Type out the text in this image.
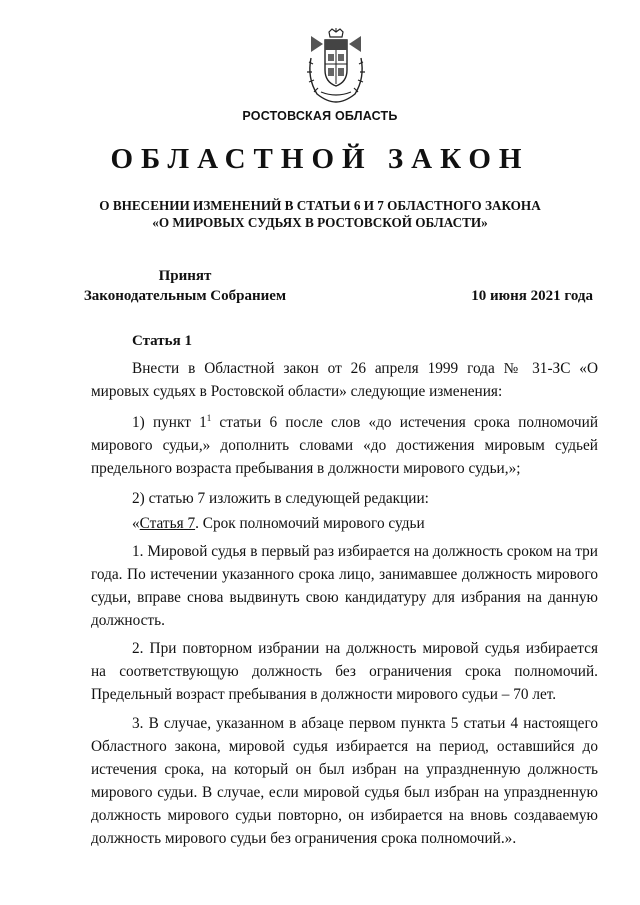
РОСТОВСКАЯ ОБЛАСТЬ
ОБЛАСТНОЙ ЗАКОН
О ВНЕСЕНИИ ИЗМЕНЕНИЙ В СТАТЬИ 6 И 7 ОБЛАСТНОГО ЗАКОНА
«О МИРОВЫХ СУДЬЯХ В РОСТОВСКОЙ ОБЛАСТИ»
Принят
Законодательным Собранием	10 июня 2021 года
Статья 1

Внести в Областной закон от 26 апреля 1999 года № 31-ЗС «О мировых судьях в Ростовской области» следующие изменения:

1) пункт $1^1$ статьи 6 после слов «до истечения срока полномочий мирового судьи,» дополнить словами «до достижения мировым судьей предельного возраста пребывания в должности мирового судьи,»;

2) статью 7 изложить в следующей редакции:

«Статья 7. Срок полномочий мирового судьи

1. Мировой судья в первый раз избирается на должность сроком на три года. По истечении указанного срока лицо, занимавшее должность мирового судьи, вправе снова выдвинуть свою кандидатуру для избрания на данную должность.

2. При повторном избрании на должность мировой судья избирается на соответствующую должность без ограничения срока полномочий. Предельный возраст пребывания в должности мирового судьи – 70 лет.

3. В случае, указанном в абзаце первом пункта 5 статьи 4 настоящего Областного закона, мировой судья избирается на период, оставшийся до истечения срока, на который он был избран на упраздненную должность мирового судьи. В случае, если мировой судья был избран на упраздненную должность мирового судьи повторно, он избирается на вновь создаваемую должность мирового судьи без ограничения срока полномочий.».
